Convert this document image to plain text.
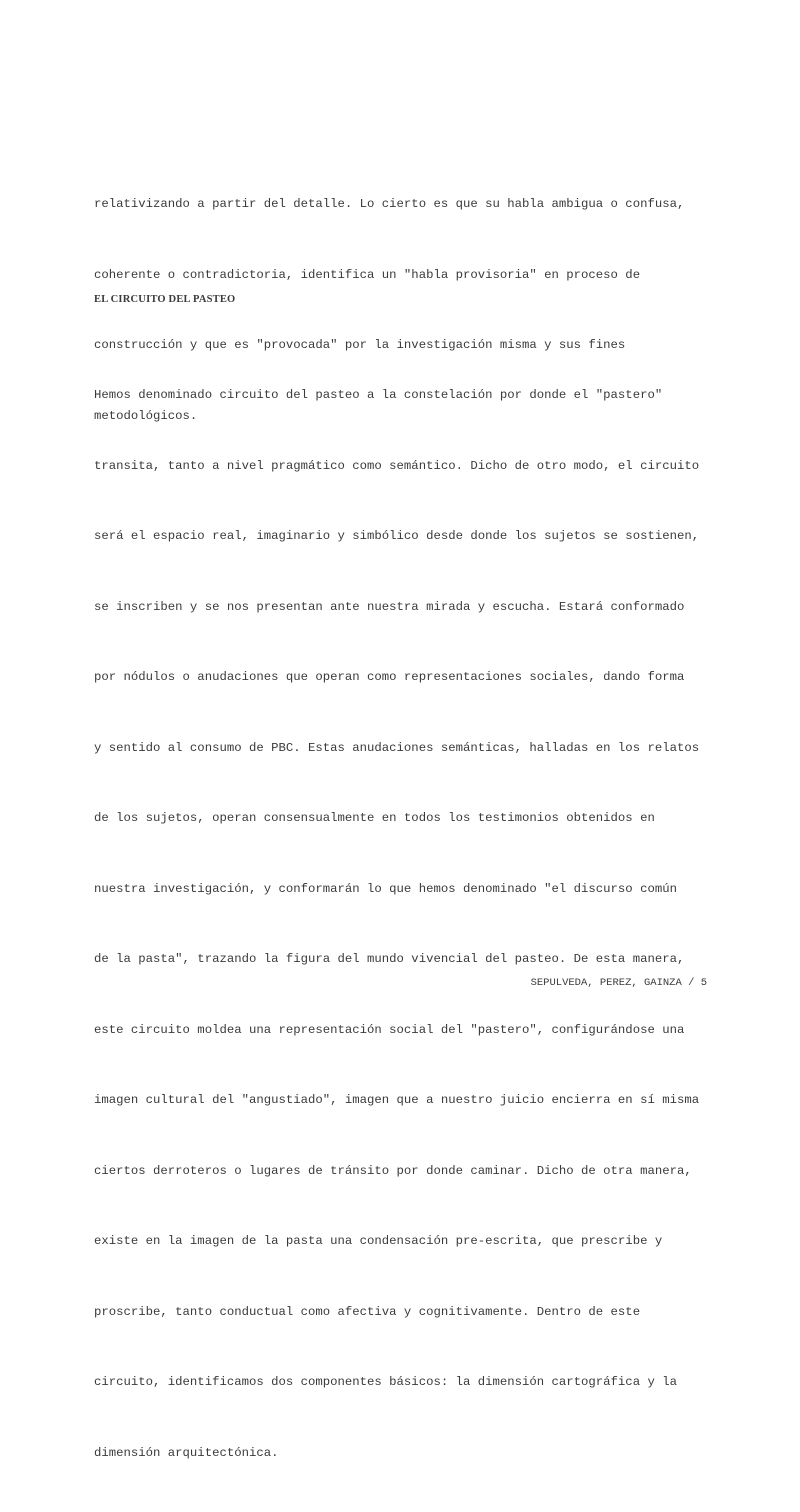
relativizando a partir del detalle. Lo cierto es que su habla ambigua o confusa,

coherente o contradictoria, identifica un "habla provisoria" en proceso de

construcción y que es "provocada" por la investigación misma y sus fines

metodológicos.

EL CIRCUITO DEL PASTEO

Hemos denominado circuito del pasteo a la constelación por donde el "pastero"

transita, tanto a nivel pragmático como semántico. Dicho de otro modo, el circuito

será el espacio real, imaginario y simbólico desde donde los sujetos se sostienen,

se inscriben y se nos presentan ante nuestra mirada y escucha. Estará conformado

por nódulos o anudaciones que operan como representaciones sociales, dando forma

y sentido al consumo de PBC. Estas anudaciones semánticas, halladas en los relatos

de los sujetos, operan consensualmente en todos los testimonios obtenidos en

nuestra investigación, y conformarán lo que hemos denominado "el discurso común

de la pasta", trazando la figura del mundo vivencial del pasteo. De esta manera,

este circuito moldea una representación social del "pastero", configurándose una

imagen cultural del "angustiado", imagen que a nuestro juicio encierra en sí misma

ciertos derroteros o lugares de tránsito por donde caminar. Dicho de otra manera,

existe en la imagen de la pasta una condensación pre-escrita, que prescribe y

proscribe, tanto conductual como afectiva y cognitivamente. Dentro de este

circuito, identificamos dos componentes básicos: la dimensión cartográfica y la

dimensión arquitectónica.

SEPULVEDA, PEREZ, GAINZA / 5
